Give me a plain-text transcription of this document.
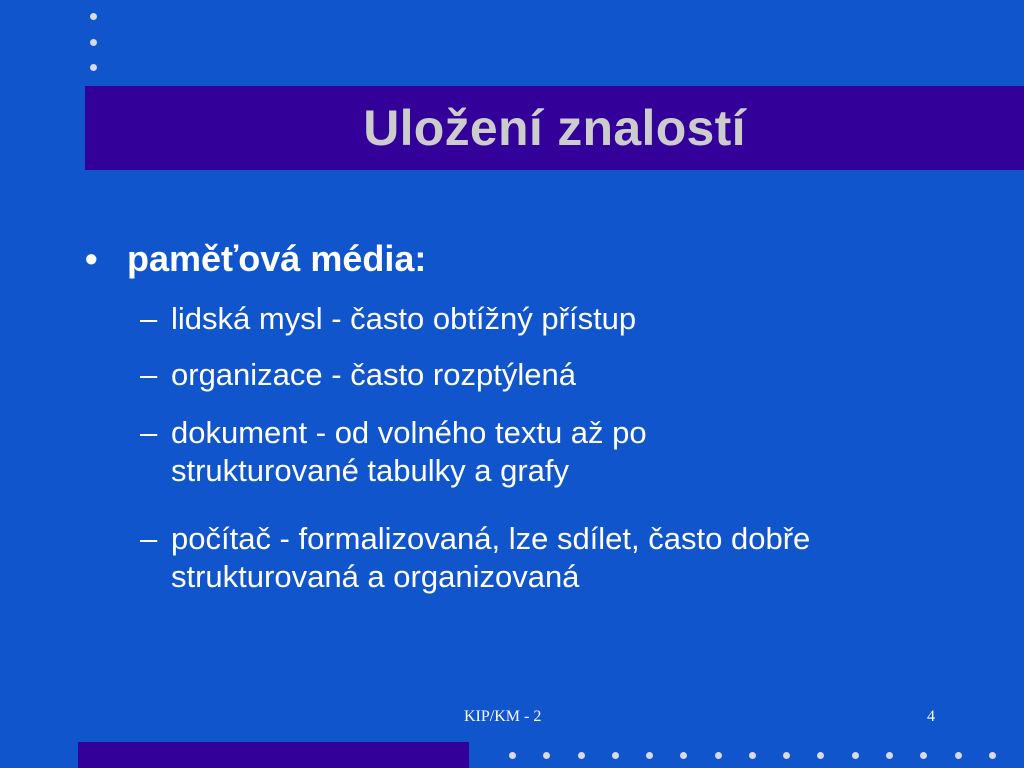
Uložení znalostí
• paměťová média:
– lidská mysl - často obtížný přístup
– organizace - často rozptýlená
– dokument - od volného textu až po strukturované tabulky a grafy
– počítač - formalizovaná, lze sdílet, často dobře strukturovaná a organizovaná
KIP/KM - 2	4
